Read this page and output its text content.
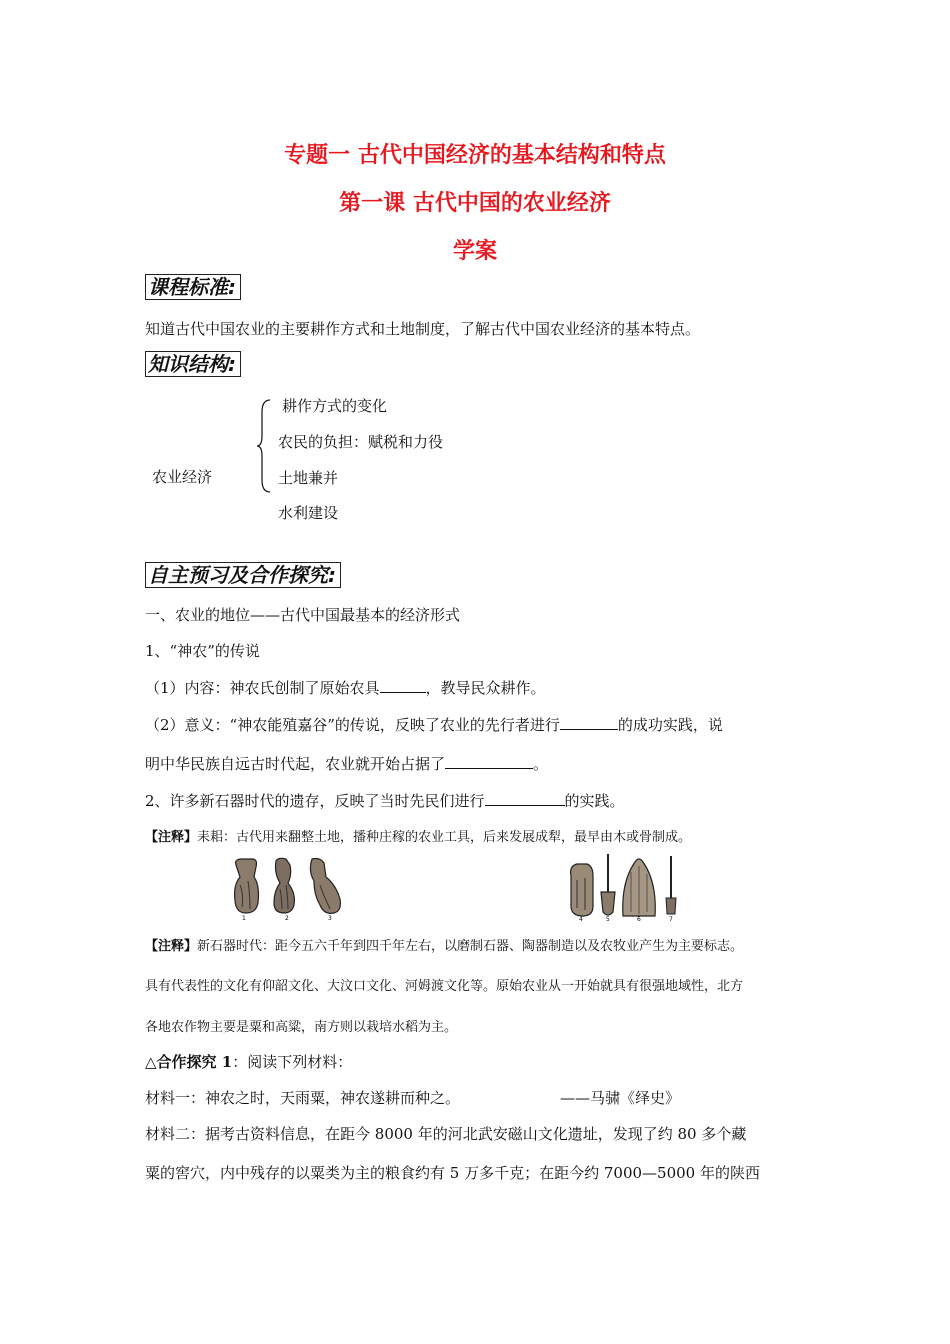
专题一 古代中国经济的基本结构和特点
第一课 古代中国的农业经济
学案
课程标准:
知道古代中国农业的主要耕作方式和土地制度，了解古代中国农业经济的基本特点。
知识结构:
农业经济
耕作方式的变化
农民的负担：赋税和力役
土地兼并
水利建设
自主预习及合作探究:
一、农业的地位——古代中国最基本的经济形式
1、“神农”的传说
（1）内容：神农氏创制了原始农具	，教导民众耕作。
（2）意义：“神农能殖嘉谷”的传说，反映了农业的先行者进行	的成功实践，说
明中华民族自远古时代起，农业就开始占据了	。
2、许多新石器时代的遗存，反映了当时先民们进行	的实践。
【注释】耒耜：古代用来翻整土地，播种庄稼的农业工具，后来发展成犁，最早由木或骨制成。
1	2	3	4	5	6	7
【注释】新石器时代：距今五六千年到四千年左右，以磨制石器、陶器制造以及农牧业产生为主要标志。
具有代表性的文化有仰韶文化、大汶口文化、河姆渡文化等。原始农业从一开始就具有很强地域性，北方
各地农作物主要是粟和高粱，南方则以栽培水稻为主。
△合作探究 1：阅读下列材料：
材料一：神农之时，天雨粟，神农遂耕而种之。	——马骕《绎史》
材料二：据考古资料信息，在距今 8000 年的河北武安磁山文化遗址，发现了约 80 多个藏
粟的窖穴，内中残存的以粟类为主的粮食约有 5 万多千克；在距今约 7000—5000 年的陕西
